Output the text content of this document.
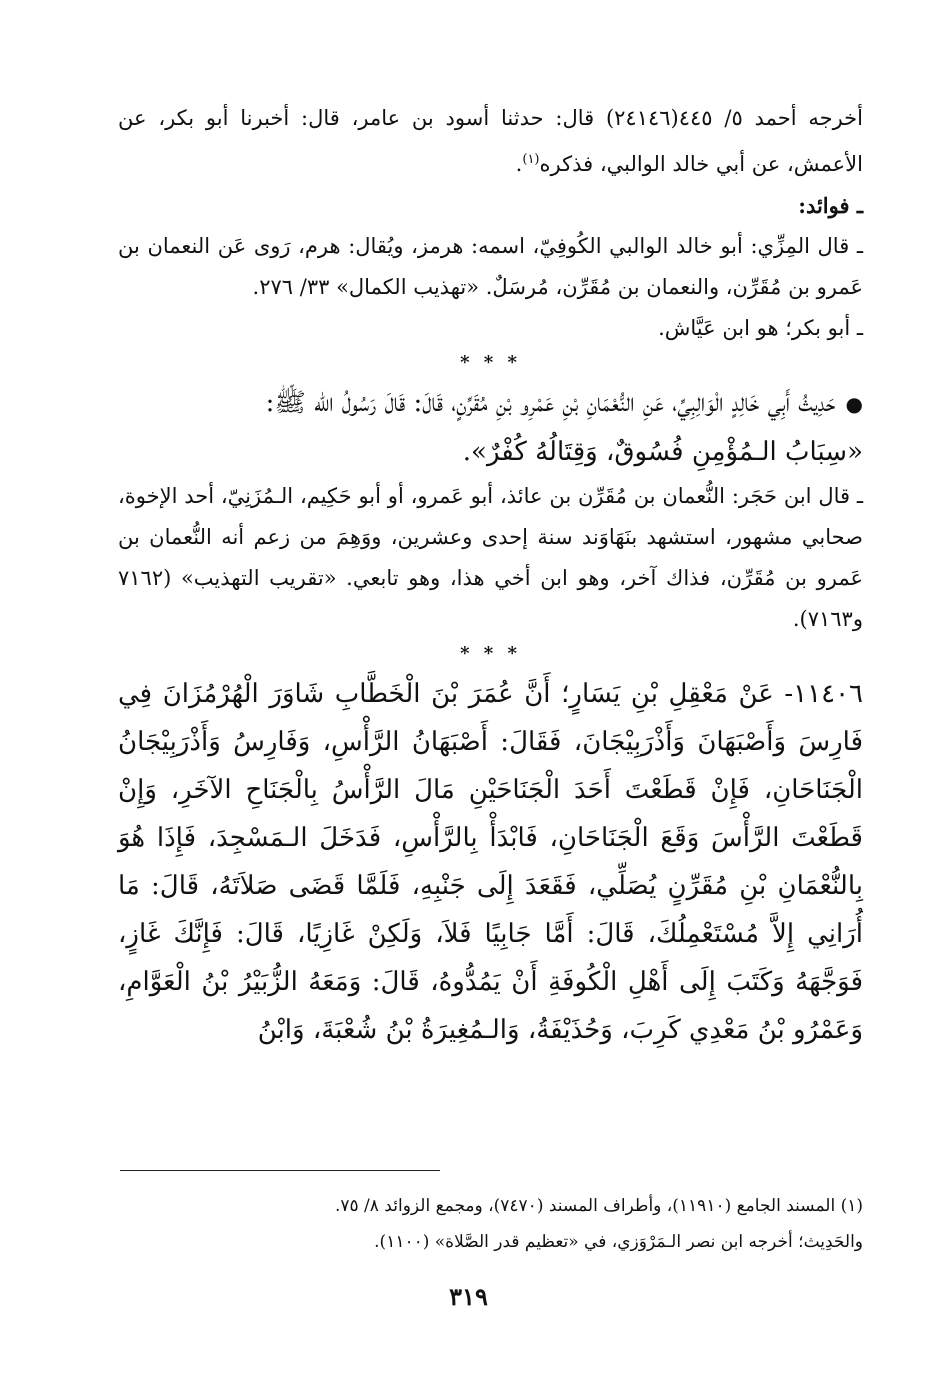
أخرجه أحمد ٥/ ٤٤٥(٢٤١٤٦) قال: حدثنا أسود بن عامر، قال: أخبرنا أبو بكر، عن الأعمش، عن أبي خالد الوالبي، فذكره$^{(١)}$.

ـ فوائد:

ـ قال المِزِّي: أبو خالد الوالبي الكُوفِيّ، اسمه: هرمز، ويُقال: هرم، رَوى عَن النعمان بن عَمرو بن مُقَرِّن، والنعمان بن مُقَرِّن، مُرسَلٌ. «تهذيب الكمال» ٣٣/ ٢٧٦.

ـ أبو بكر؛ هو ابن عَيَّاش.

* * *

●حَدِيثُ أَبِي خَالِدٍ الْوَالِبِيِّ، عَنِ النُّعْمَانِ بْنِ عَمْرِو بْنِ مُقَرِّنٍ، قَالَ: قَالَ رَسُولُ الله ﷺ:

«سِبَابُ الـمُؤْمِنِ فُسُوقٌ، وَقِتَالُهُ كُفْرٌ».

ـ قال ابن حَجَر: النُّعمان بن مُقَرِّن بن عائذ، أبو عَمرو، أو أبو حَكِيم، الـمُزَنِيّ، أحد الإخوة، صحابي مشهور، استشهد بنَهَاوَند سنة إحدى وعشرين، ووَهِمَ من زعم أنه النُّعمان بن عَمرو بن مُقَرِّن، فذاك آخر، وهو ابن أخي هذا، وهو تابعي. «تقريب التهذيب» (٧١٦٢ و٧١٦٣).

* * *

١١٤٠٦- عَنْ مَعْقِلِ بْنِ يَسَارٍ؛ أَنَّ عُمَرَ بْنَ الْخَطَّابِ شَاوَرَ الْهُرْمُزَانَ فِي فَارِسَ وَأَصْبَهَانَ وَأَذْرَبِيْجَانَ، فَقَالَ: أَصْبَهَانُ الرَّأْسِ، وَفَارِسُ وَأَذْرَبِيْجَانُ الْجَنَاحَانِ، فَإِنْ قَطَعْتَ أَحَدَ الْجَنَاحَيْنِ مَالَ الرَّأْسُ بِالْجَنَاحِ الآخَرِ، وَإِنْ قَطَعْتَ الرَّأْسَ وَقَعَ الْجَنَاحَانِ، فَابْدَأْ بِالرَّأْسِ، فَدَخَلَ الـمَسْجِدَ، فَإِذَا هُوَ بِالنُّعْمَانِ بْنِ مُقَرِّنٍ يُصَلِّي، فَقَعَدَ إِلَى جَنْبِهِ، فَلَمَّا قَضَى صَلاَتَهُ، قَالَ: مَا أُرَانِي إِلاَّ مُسْتَعْمِلُكَ، قَالَ: أَمَّا جَابِيًا فَلاَ، وَلَكِنْ غَازِيًا، قَالَ: فَإِنَّكَ غَازٍ، فَوَجَّهَهُ وَكَتَبَ إِلَى أَهْلِ الْكُوفَةِ أَنْ يَمُدُّوهُ، قَالَ: وَمَعَهُ الزُّبَيْرُ بْنُ الْعَوَّامِ، وَعَمْرُو بْنُ مَعْدِي كَرِبَ، وَحُذَيْفَةُ، وَالـمُغِيرَةُ بْنُ شُعْبَةَ، وَابْنُ

(١) المسند الجامع (١١٩١٠)، وأطراف المسند (٧٤٧٠)، ومجمع الزوائد ٨/ ٧٥.
والحَدِيث؛ أخرجه ابن نصر الـمَرْوَزي، في «تعظيم قدر الصَّلاة» (١١٠٠).
٣١٩
